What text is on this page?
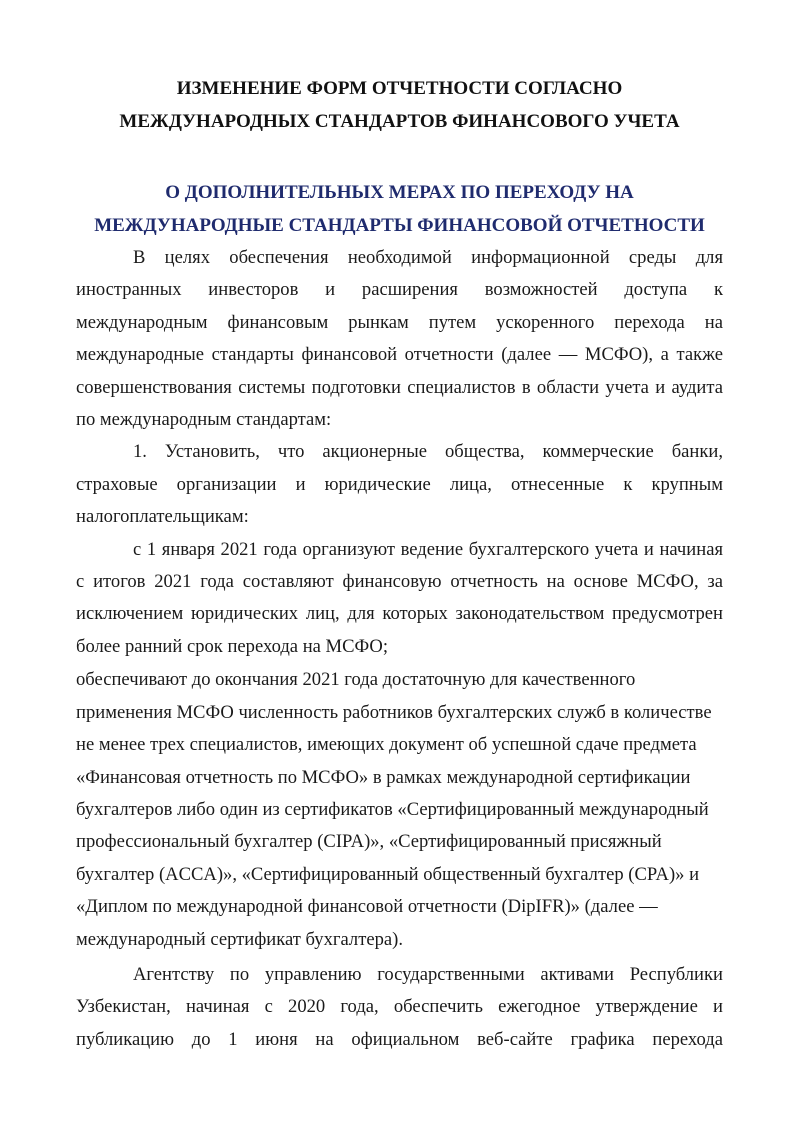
ИЗМЕНЕНИЕ ФОРМ ОТЧЕТНОСТИ СОГЛАСНО МЕЖДУНАРОДНЫХ СТАНДАРТОВ ФИНАНСОВОГО УЧЕТА
О ДОПОЛНИТЕЛЬНЫХ МЕРАХ ПО ПЕРЕХОДУ НА МЕЖДУНАРОДНЫЕ СТАНДАРТЫ ФИНАНСОВОЙ ОТЧЕТНОСТИ

В целях обеспечения необходимой информационной среды для иностранных инвесторов и расширения возможностей доступа к международным финансовым рынкам путем ускоренного перехода на международные стандарты финансовой отчетности (далее — МСФО), а также совершенствования системы подготовки специалистов в области учета и аудита по международным стандартам:

1. Установить, что акционерные общества, коммерческие банки, страховые организации и юридические лица, отнесенные к крупным налогоплательщикам:

с 1 января 2021 года организуют ведение бухгалтерского учета и начиная с итогов 2021 года составляют финансовую отчетность на основе МСФО, за исключением юридических лиц, для которых законодательством предусмотрен более ранний срок перехода на МСФО;

обеспечивают до окончания 2021 года достаточную для качественного применения МСФО численность работников бухгалтерских служб в количестве не менее трех специалистов, имеющих документ об успешной сдаче предмета «Финансовая отчетность по МСФО» в рамках международной сертификации бухгалтеров либо один из сертификатов «Сертифицированный международный профессиональный бухгалтер (CIPA)», «Сертифицированный присяжный бухгалтер (ACCA)», «Сертифицированный общественный бухгалтер (CPA)» и «Диплом по международной финансовой отчетности (DipIFR)» (далее — международный сертификат бухгалтера).

Агентству по управлению государственными активами Республики Узбекистан, начиная с 2020 года, обеспечить ежегодное утверждение и публикацию до 1 июня на официальном веб-сайте графика перехода
